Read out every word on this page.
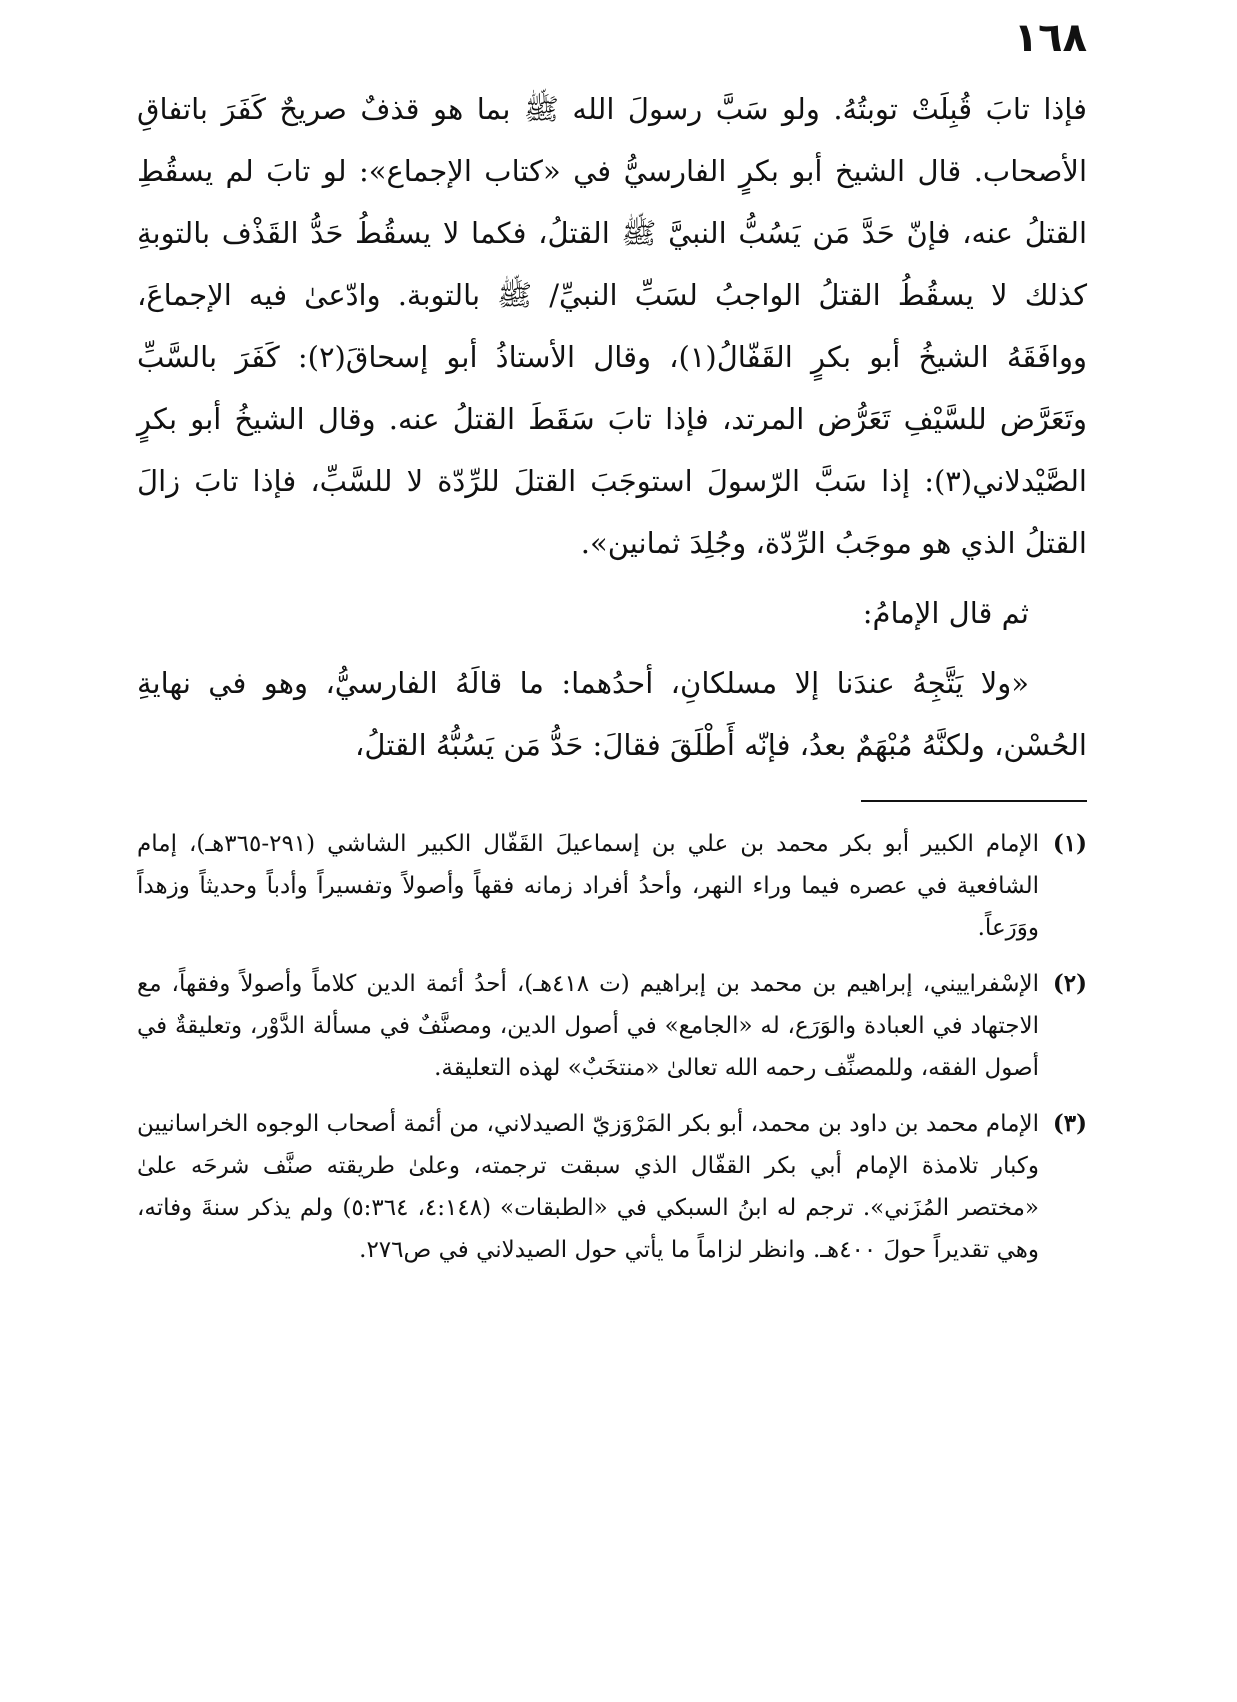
١٦٨

فإذا تابَ قُبِلَتْ توبتُهُ. ولو سَبَّ رسولَ الله ﷺ بما هو قذفٌ صريحٌ كَفَرَ باتفاقِ الأصحاب. قال الشيخ أبو بكرٍ الفارسيُّ في «كتاب الإجماع»: لو تابَ لم يسقُطِ القتلُ عنه، فإنّ حَدَّ مَن يَسُبُّ النبيَّ ﷺ القتلُ، فكما لا يسقُطُ حَدُّ القَذْف بالتوبةِ كذلك لا يسقُطُ القتلُ الواجبُ لسَبِّ النبيِّ/ ﷺ بالتوبة. وادّعىٰ فيه الإجماعَ، ووافَقَهُ الشيخُ أبو بكرٍ القَفّالُ(١)، وقال الأستاذُ أبو إسحاقَ(٢): كَفَرَ بالسَّبِّ وتَعَرَّض للسَّيْفِ تَعَرُّض المرتد، فإذا تابَ سَقَطَ القتلُ عنه. وقال الشيخُ أبو بكرٍ الصَّيْدلاني(٣): إذا سَبَّ الرّسولَ استوجَبَ القتلَ للرِّدّة لا للسَّبِّ، فإذا تابَ زالَ القتلُ الذي هو موجَبُ الرِّدّة، وجُلِدَ ثمانين».

ثم قال الإمامُ:

«ولا يَتَّجِهُ عندَنا إلا مسلكانِ، أحدُهما: ما قالَهُ الفارسيُّ، وهو في نهايةِ الحُسْن، ولكنَّهُ مُبْهَمٌ بعدُ، فإنّه أَطْلَقَ فقالَ: حَدُّ مَن يَسُبُّهُ القتلُ،

(١)
الإمام الكبير أبو بكر محمد بن علي بن إسماعيلَ القَفّال الكبير الشاشي (٢٩١-٣٦٥هـ)، إمام الشافعية في عصره فيما وراء النهر، وأحدُ أفراد زمانه فقهاً وأصولاً وتفسيراً وأدباً وحديثاً وزهداً ووَرَعاً.
(٢)
الإسْفراييني، إبراهيم بن محمد بن إبراهيم (ت ٤١٨هـ)، أحدُ أئمة الدين كلاماً وأصولاً وفقهاً، مع الاجتهاد في العبادة والوَرَع، له «الجامع» في أصول الدين، ومصنَّفٌ في مسألة الدَّوْر، وتعليقةٌ في أصول الفقه، وللمصنِّف رحمه الله تعالىٰ «منتخَبٌ» لهذه التعليقة.
(٣)
الإمام محمد بن داود بن محمد، أبو بكر المَرْوَزيّ الصيدلاني، من أئمة أصحاب الوجوه الخراسانيين وكبار تلامذة الإمام أبي بكر القفّال الذي سبقت ترجمته، وعلىٰ طريقته صنَّف شرحَه علىٰ «مختصر المُزَني». ترجم له ابنُ السبكي في «الطبقات» (٤:١٤٨، ٥:٣٦٤) ولم يذكر سنةَ وفاته، وهي تقديراً حولَ ٤٠٠هـ. وانظر لزاماً ما يأتي حول الصيدلاني في ص٢٧٦.
